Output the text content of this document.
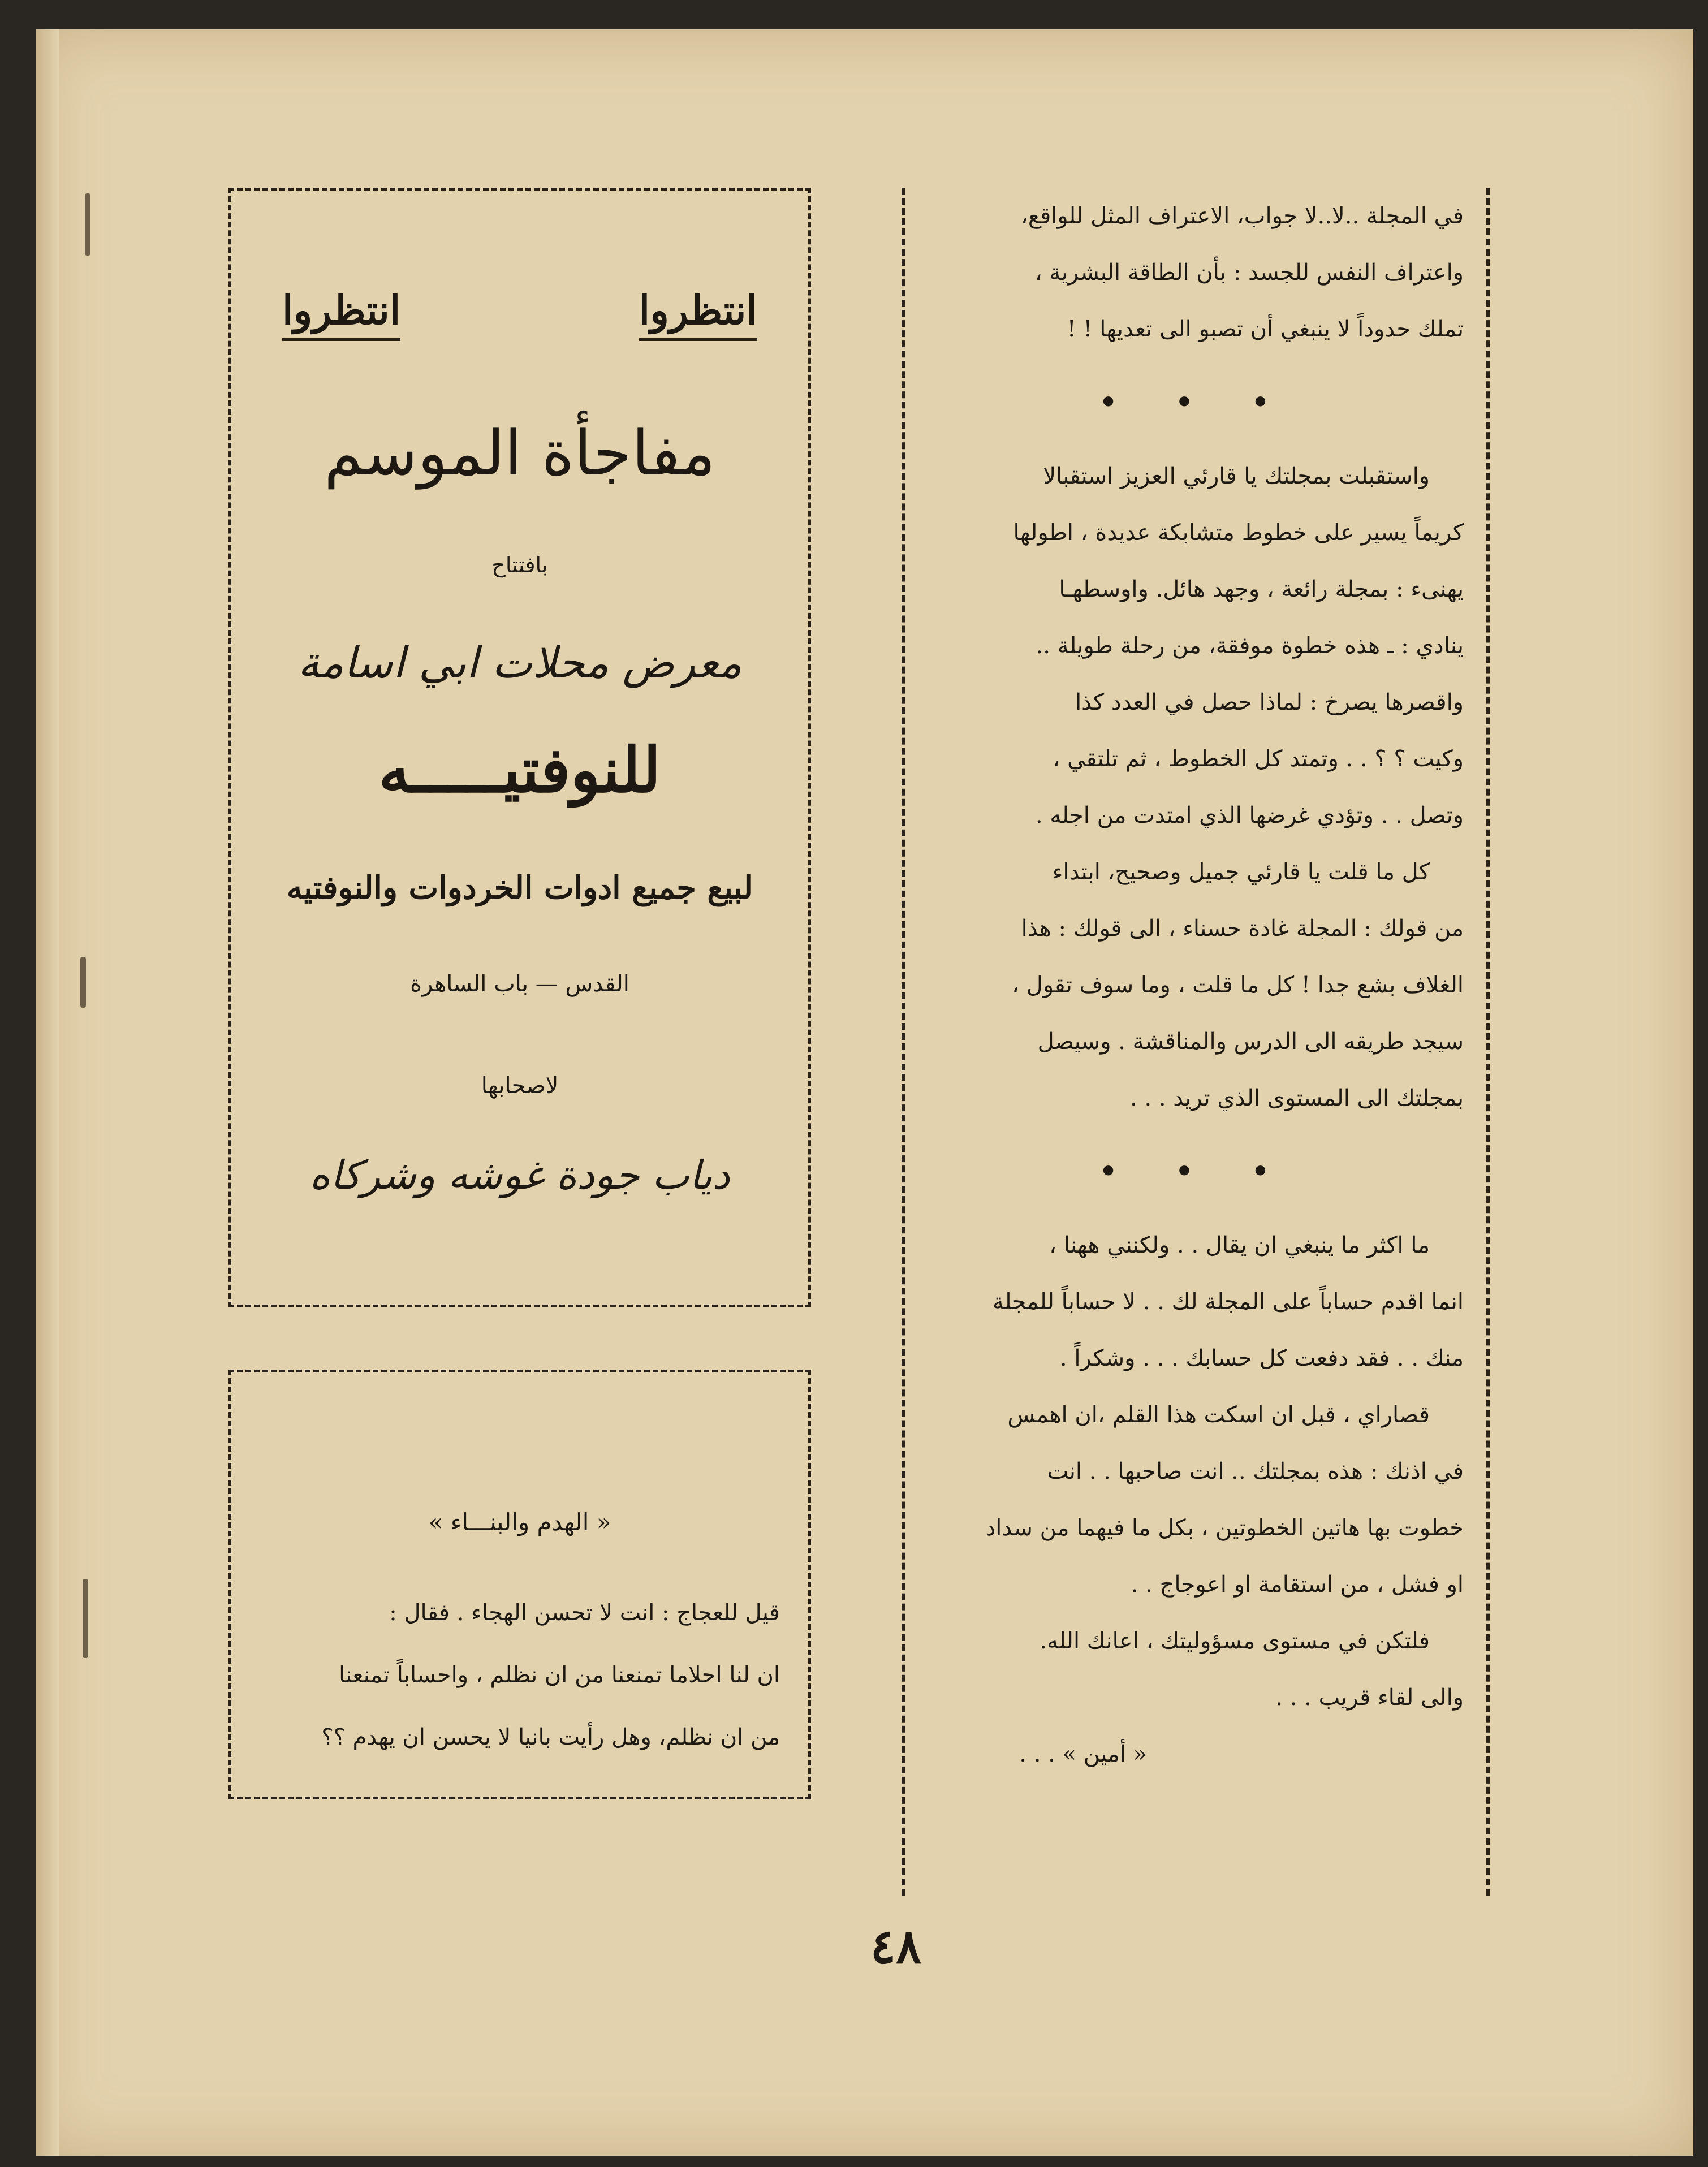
في المجلة ..لا..لا جواب، الاعتراف المثل للواقع،

واعتراف النفس للجسد : بأن الطاقة البشرية ،

تملك حدوداً لا ينبغي أن تصبو الى تعديها ! !

• • •

واستقبلت بمجلتك يا قارئي العزيز استقبالا

كريماً يسير على خطوط متشابكة عديدة ، اطولها

يهنىء : بمجلة رائعة ، وجهد هائل. واوسطهـا

ينادي : ـ هذه خطوة موفقة، من رحلة طويلة ..

واقصرها يصرخ : لماذا حصل في العدد كذا

وكيت ؟ ؟ . . وتمتد كل الخطوط ، ثم تلتقي ،

وتصل . . وتؤدي غرضها الذي امتدت من اجله .

كل ما قلت يا قارئي جميل وصحيح، ابتداء

من قولك : المجلة غادة حسناء ، الى قولك : هذا

الغلاف بشع جدا ! كل ما قلت ، وما سوف تقول ،

سيجد طريقه الى الدرس والمناقشة . وسيصل

بمجلتك الى المستوى الذي تريد . . .

• • •

ما اكثر ما ينبغي ان يقال . . ولكنني ههنا ،

انما اقدم حساباً على المجلة لك . . لا حساباً للمجلة

منك . . فقد دفعت كل حسابك . . . وشكراً .

قصاراي ، قبل ان اسكت هذا القلم ،ان اهمس

في اذنك : هذه بمجلتك .. انت صاحبها . . انت

خطوت بها هاتين الخطوتين ، بكل ما فيهما من سداد

او فشل ، من استقامة او اعوجاج . .

فلتكن في مستوى مسؤوليتك ، اعانك الله.

والى لقاء قريب . . .

« أمين » . . .
انتظروا
انتظروا
مفاجأة الموسم
بافتتاح
معرض محلات ابي اسامة
للنوفتيـــــه
لبيع جميع ادوات الخردوات والنوفتيه
القدس — باب الساهرة
لاصحابها
دياب جودة غوشه وشركاه
« الهدم والبنـــاء »

قيل للعجاج : انت لا تحسن الهجاء . فقال :

ان لنا احلاما تمنعنا من ان نظلم ، واحساباً تمنعنا

من ان نظلم، وهل رأيت بانيا لا يحسن ان يهدم ؟؟

٤٨
